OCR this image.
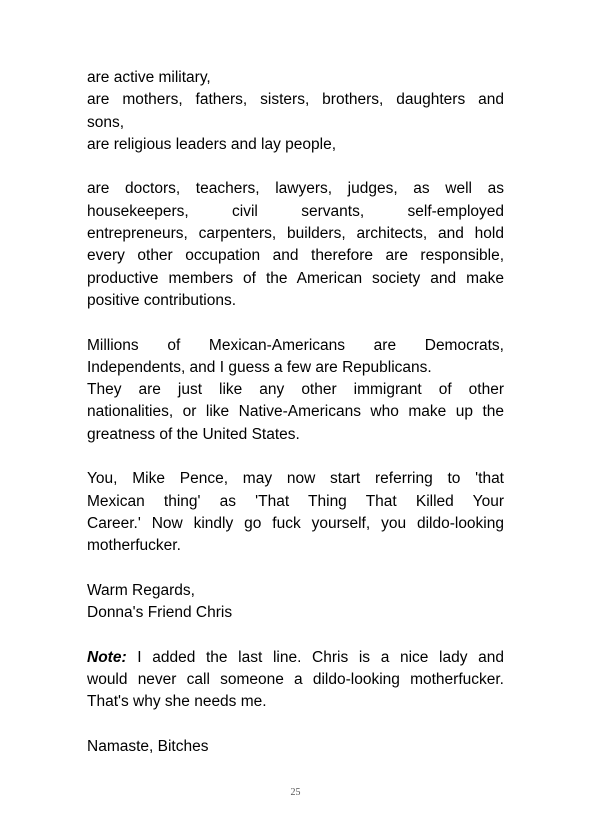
are active military,
are mothers, fathers, sisters, brothers, daughters and
sons,
are religious leaders and lay people,
are doctors, teachers, lawyers, judges, as well as
housekeepers, civil servants, self-employed
entrepreneurs, carpenters, builders, architects, and hold
every other occupation and therefore are responsible,
productive members of the American society and make
positive contributions.
Millions of Mexican-Americans are Democrats,
Independents, and I guess a few are Republicans.
They are just like any other immigrant of other
nationalities, or like Native-Americans who make up the
greatness of the United States.
You, Mike Pence, may now start referring to 'that
Mexican thing' as 'That Thing That Killed Your
Career.' Now kindly go fuck yourself, you dildo-looking
motherfucker.
Warm Regards,
Donna's Friend Chris
Note: I added the last line. Chris is a nice lady and
would never call someone a dildo-looking motherfucker.
That's why she needs me.
Namaste, Bitches
25
